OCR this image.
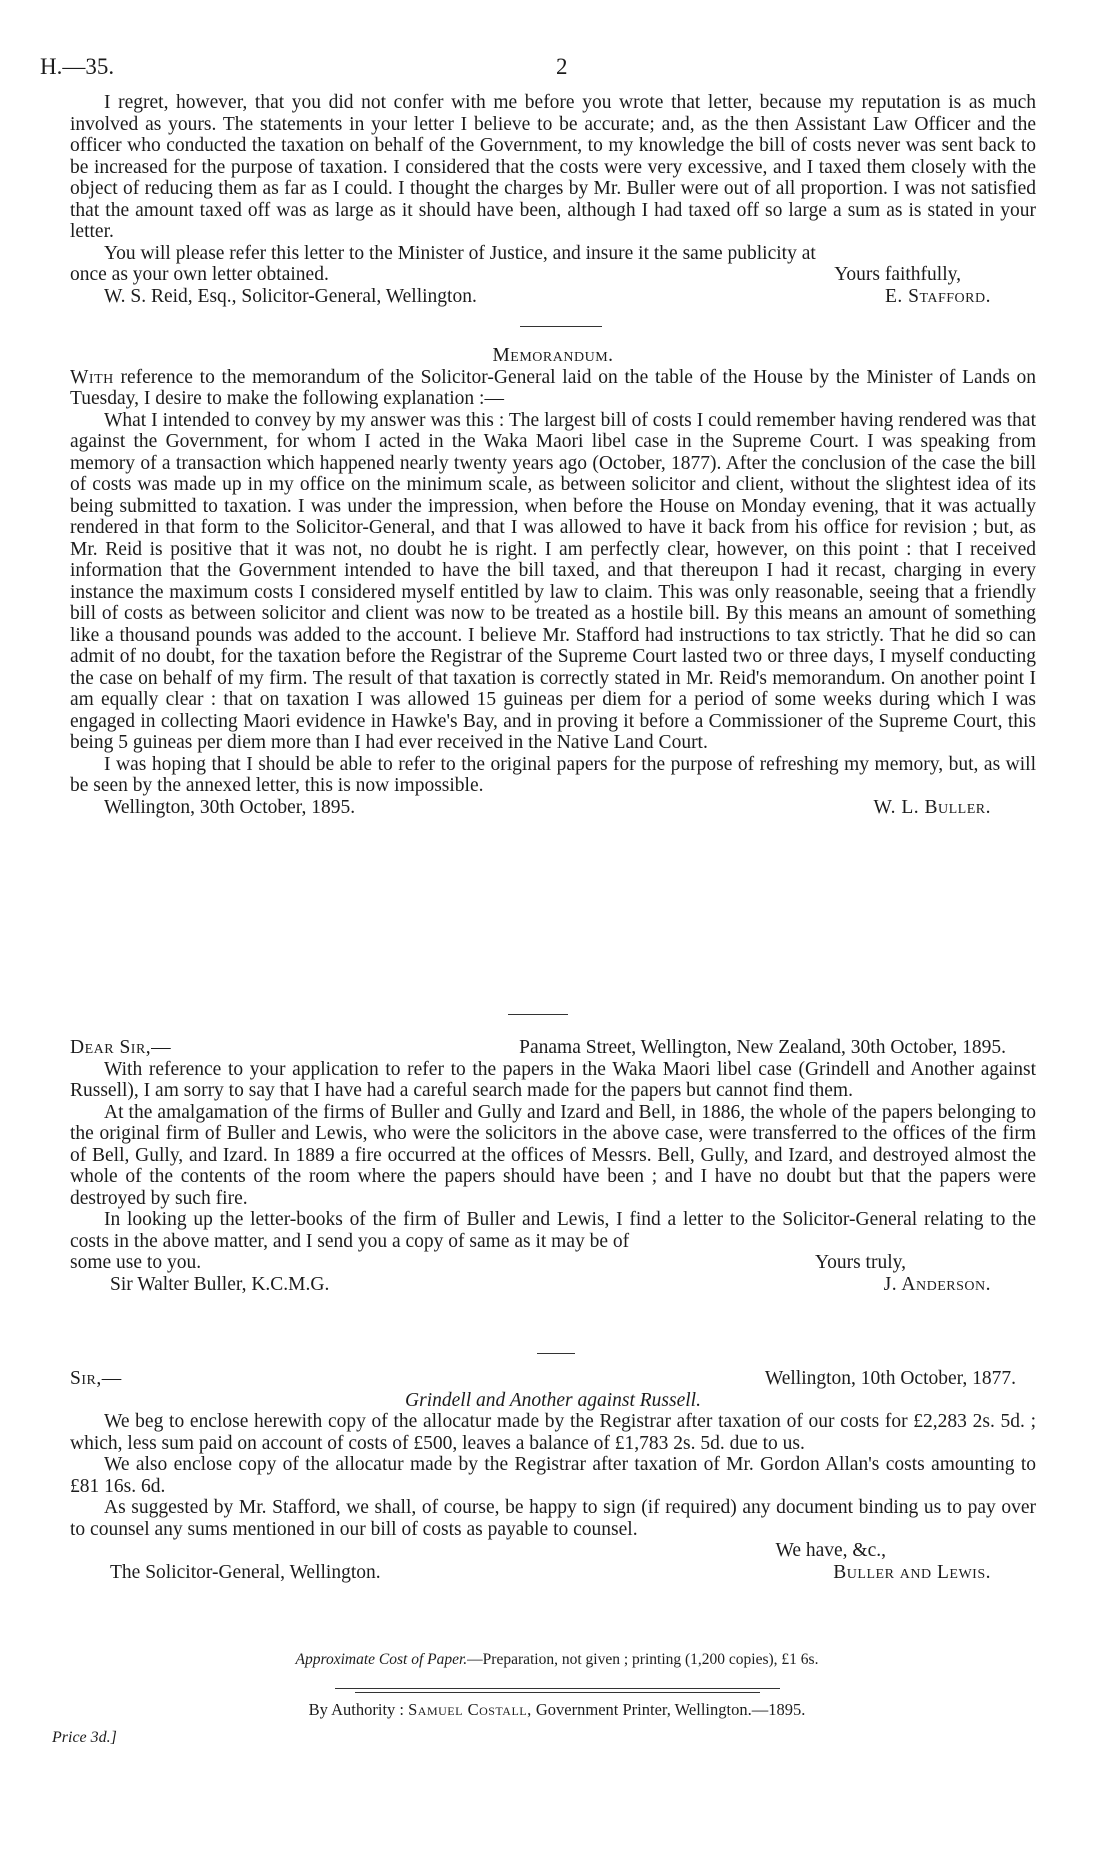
H.—35.	2

I regret, however, that you did not confer with me before you wrote that letter, because my reputation is as much involved as yours. The statements in your letter I believe to be accurate; and, as the then Assistant Law Officer and the officer who conducted the taxation on behalf of the Government, to my knowledge the bill of costs never was sent back to be increased for the purpose of taxation. I considered that the costs were very excessive, and I taxed them closely with the object of reducing them as far as I could. I thought the charges by Mr. Buller were out of all proportion. I was not satisfied that the amount taxed off was as large as it should have been, although I had taxed off so large a sum as is stated in your letter.

You will please refer this letter to the Minister of Justice, and insure it the same publicity at

once as your own letter obtained.	Yours faithfully,
W. S. Reid, Esq., Solicitor-General, Wellington.	E. Stafford.
Memorandum.

With reference to the memorandum of the Solicitor-General laid on the table of the House by the Minister of Lands on Tuesday, I desire to make the following explanation :—

What I intended to convey by my answer was this : The largest bill of costs I could remember having rendered was that against the Government, for whom I acted in the Waka Maori libel case in the Supreme Court. I was speaking from memory of a transaction which happened nearly twenty years ago (October, 1877). After the conclusion of the case the bill of costs was made up in my office on the minimum scale, as between solicitor and client, without the slightest idea of its being submitted to taxation. I was under the impression, when before the House on Monday evening, that it was actually rendered in that form to the Solicitor-General, and that I was allowed to have it back from his office for revision ; but, as Mr. Reid is positive that it was not, no doubt he is right. I am perfectly clear, however, on this point : that I received information that the Government intended to have the bill taxed, and that thereupon I had it recast, charging in every instance the maximum costs I considered myself entitled by law to claim. This was only reasonable, seeing that a friendly bill of costs as between solicitor and client was now to be treated as a hostile bill. By this means an amount of something like a thousand pounds was added to the account. I believe Mr. Stafford had instructions to tax strictly. That he did so can admit of no doubt, for the taxation before the Registrar of the Supreme Court lasted two or three days, I myself conducting the case on behalf of my firm. The result of that taxation is correctly stated in Mr. Reid's memorandum. On another point I am equally clear : that on taxation I was allowed 15 guineas per diem for a period of some weeks during which I was engaged in collecting Maori evidence in Hawke's Bay, and in proving it before a Commissioner of the Supreme Court, this being 5 guineas per diem more than I had ever received in the Native Land Court.

I was hoping that I should be able to refer to the original papers for the purpose of refreshing my memory, but, as will be seen by the annexed letter, this is now impossible.

Wellington, 30th October, 1895.	W. L. Buller.
Dear Sir,—	Panama Street, Wellington, New Zealand, 30th October, 1895.

With reference to your application to refer to the papers in the Waka Maori libel case (Grindell and Another against Russell), I am sorry to say that I have had a careful search made for the papers but cannot find them.

At the amalgamation of the firms of Buller and Gully and Izard and Bell, in 1886, the whole of the papers belonging to the original firm of Buller and Lewis, who were the solicitors in the above case, were transferred to the offices of the firm of Bell, Gully, and Izard. In 1889 a fire occurred at the offices of Messrs. Bell, Gully, and Izard, and destroyed almost the whole of the contents of the room where the papers should have been ; and I have no doubt but that the papers were destroyed by such fire.

In looking up the letter-books of the firm of Buller and Lewis, I find a letter to the Solicitor-General relating to the costs in the above matter, and I send you a copy of same as it may be of

some use to you.	Yours truly,
Sir Walter Buller, K.C.M.G.	J. Anderson.
Sir,—	Wellington, 10th October, 1877.
Grindell and Another against Russell.

We beg to enclose herewith copy of the allocatur made by the Registrar after taxation of our costs for £2,283 2s. 5d. ; which, less sum paid on account of costs of £500, leaves a balance of £1,783 2s. 5d. due to us.

We also enclose copy of the allocatur made by the Registrar after taxation of Mr. Gordon Allan's costs amounting to £81 16s. 6d.

As suggested by Mr. Stafford, we shall, of course, be happy to sign (if required) any document binding us to pay over to counsel any sums mentioned in our bill of costs as payable to counsel.

We have, &c.,
The Solicitor-General, Wellington.	Buller and Lewis.
Approximate Cost of Paper.—Preparation, not given ; printing (1,200 copies), £1 6s.
By Authority : Samuel Costall, Government Printer, Wellington.—1895.
Price 3d.]
